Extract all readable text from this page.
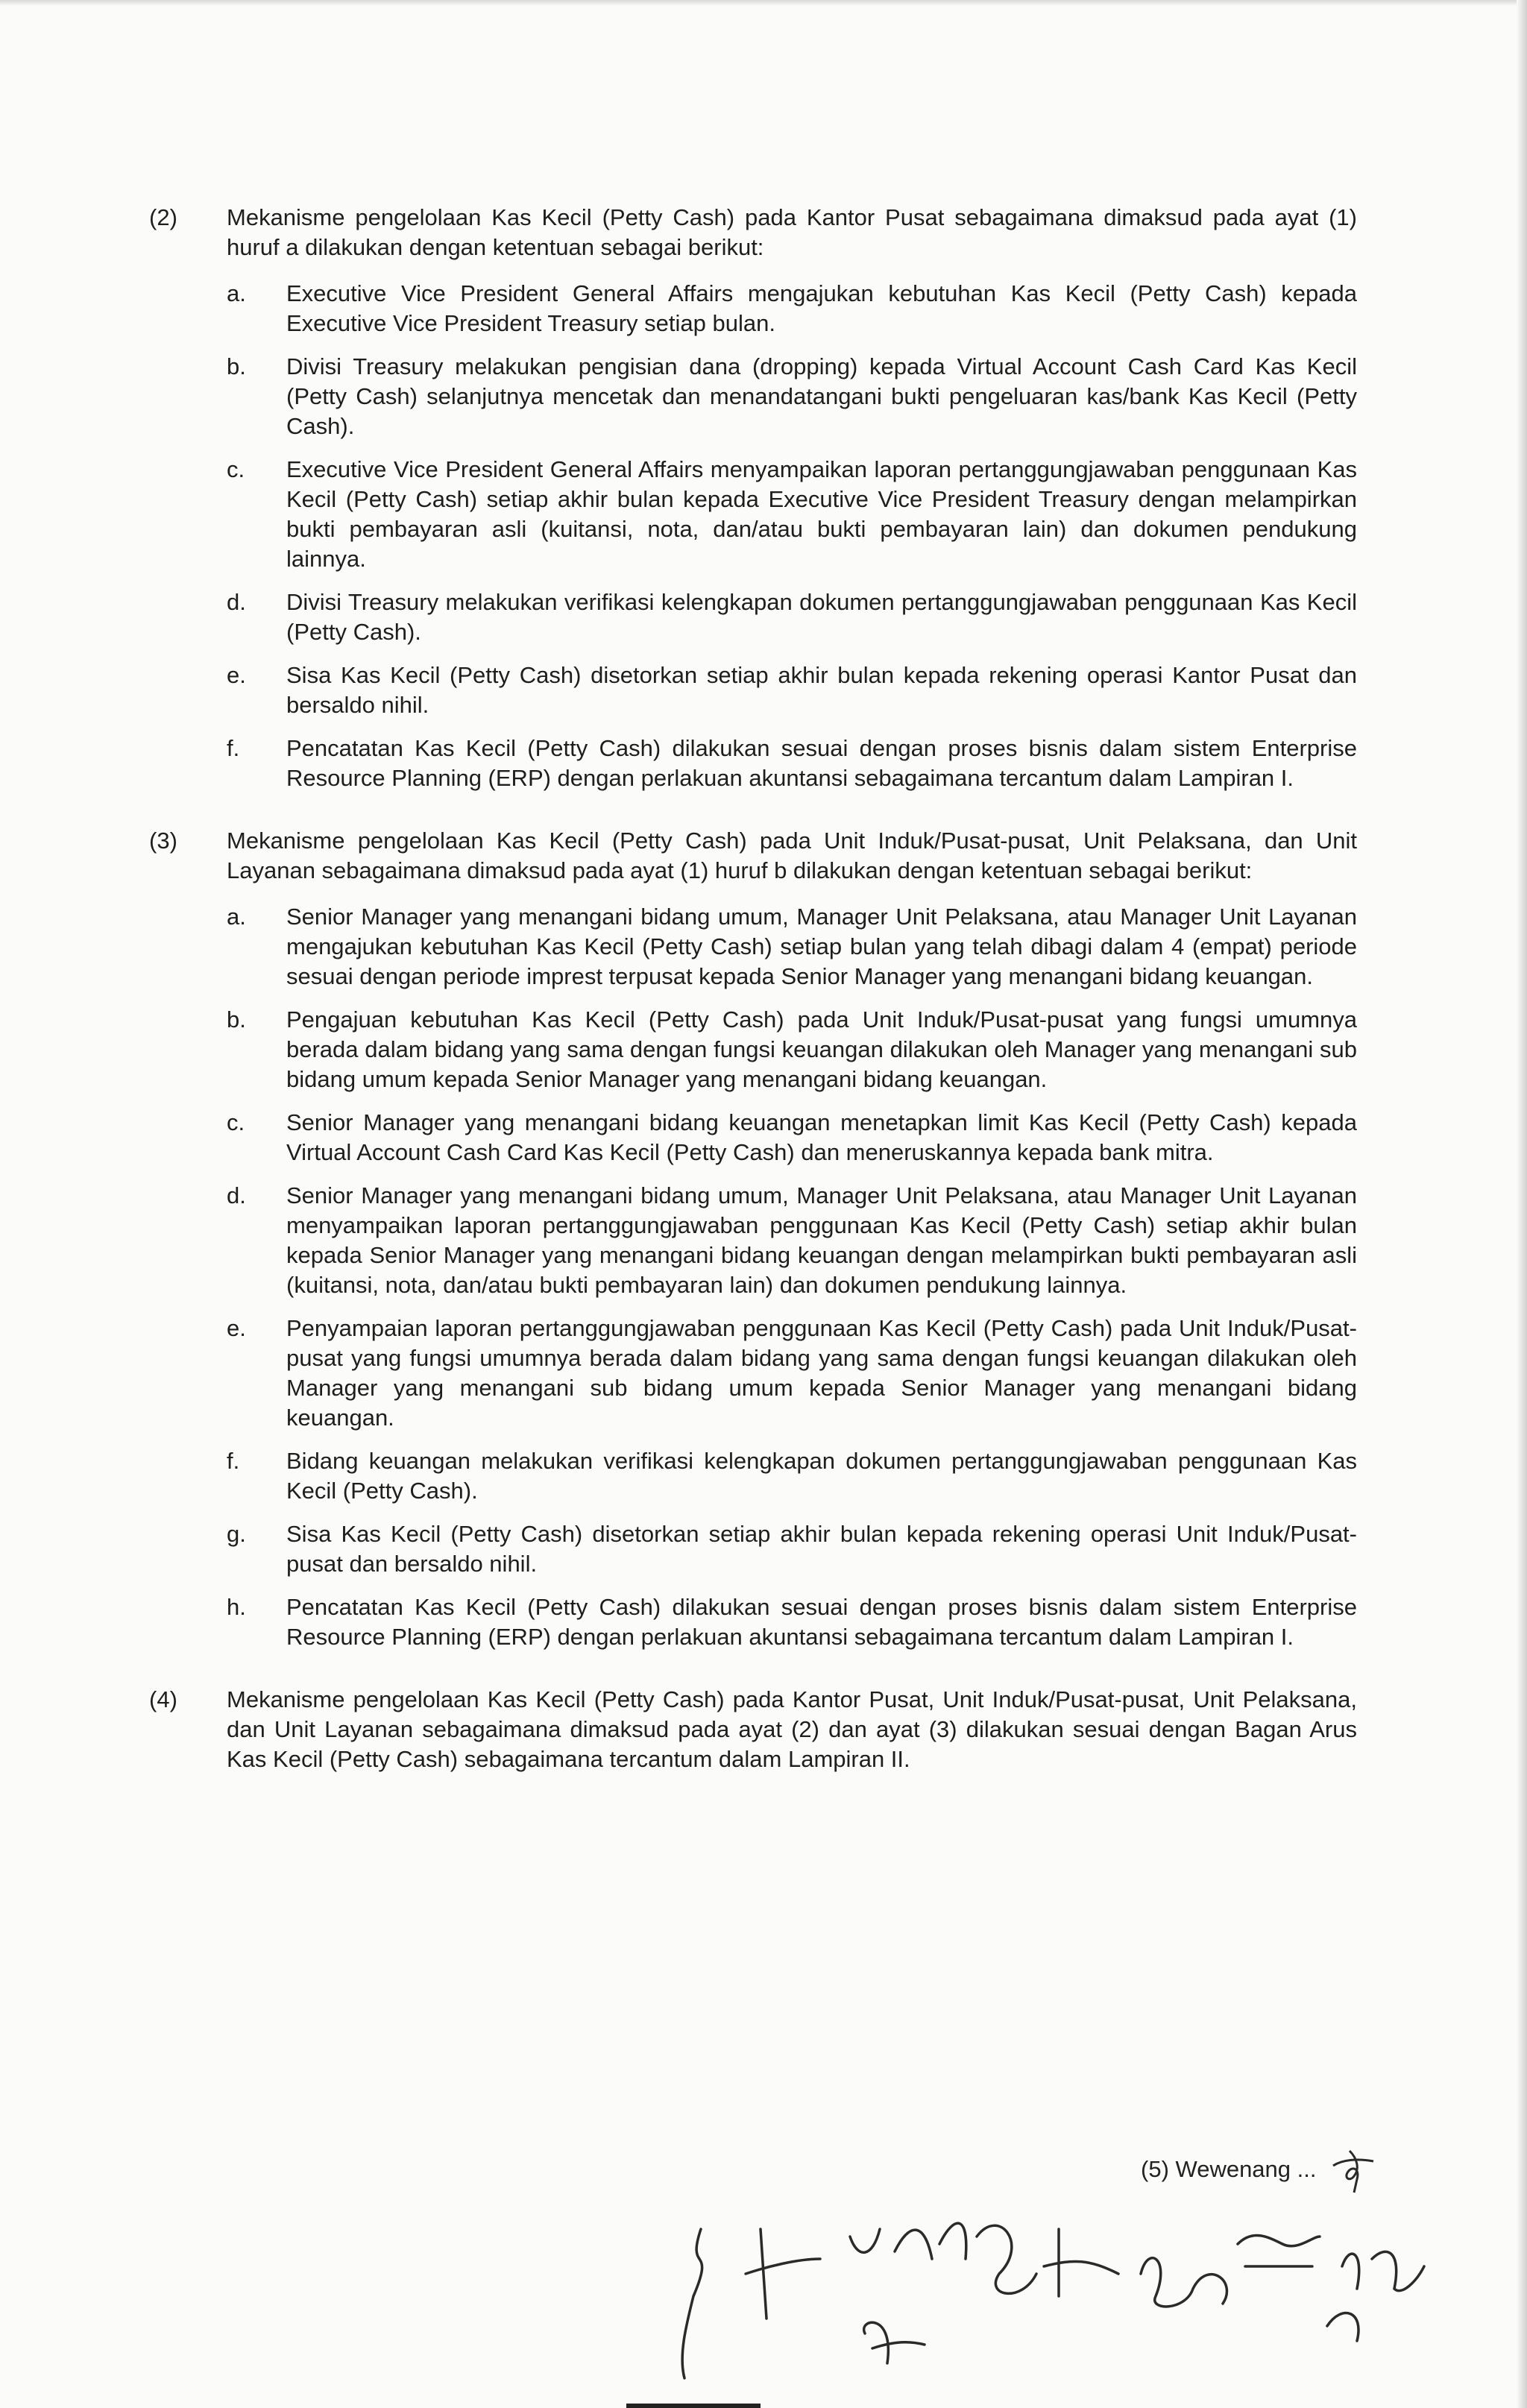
(2)	Mekanisme pengelolaan Kas Kecil (Petty Cash) pada Kantor Pusat sebagaimana dimaksud pada ayat (1) huruf a dilakukan dengan ketentuan sebagai berikut:
a.	Executive Vice President General Affairs mengajukan kebutuhan Kas Kecil (Petty Cash) kepada Executive Vice President Treasury setiap bulan.
b.	Divisi Treasury melakukan pengisian dana (dropping) kepada Virtual Account Cash Card Kas Kecil (Petty Cash) selanjutnya mencetak dan menandatangani bukti pengeluaran kas/bank Kas Kecil (Petty Cash).
c.	Executive Vice President General Affairs menyampaikan laporan pertanggungjawaban penggunaan Kas Kecil (Petty Cash) setiap akhir bulan kepada Executive Vice President Treasury dengan melampirkan bukti pembayaran asli (kuitansi, nota, dan/atau bukti pembayaran lain) dan dokumen pendukung lainnya.
d.	Divisi Treasury melakukan verifikasi kelengkapan dokumen pertanggungjawaban penggunaan Kas Kecil (Petty Cash).
e.	Sisa Kas Kecil (Petty Cash) disetorkan setiap akhir bulan kepada rekening operasi Kantor Pusat dan bersaldo nihil.
f.	Pencatatan Kas Kecil (Petty Cash) dilakukan sesuai dengan proses bisnis dalam sistem Enterprise Resource Planning (ERP) dengan perlakuan akuntansi sebagaimana tercantum dalam Lampiran I.
(3)	Mekanisme pengelolaan Kas Kecil (Petty Cash) pada Unit Induk/Pusat-pusat, Unit Pelaksana, dan Unit Layanan sebagaimana dimaksud pada ayat (1) huruf b dilakukan dengan ketentuan sebagai berikut:
a.	Senior Manager yang menangani bidang umum, Manager Unit Pelaksana, atau Manager Unit Layanan mengajukan kebutuhan Kas Kecil (Petty Cash) setiap bulan yang telah dibagi dalam 4 (empat) periode sesuai dengan periode imprest terpusat kepada Senior Manager yang menangani bidang keuangan.
b.	Pengajuan kebutuhan Kas Kecil (Petty Cash) pada Unit Induk/Pusat-pusat yang fungsi umumnya berada dalam bidang yang sama dengan fungsi keuangan dilakukan oleh Manager yang menangani sub bidang umum kepada Senior Manager yang menangani bidang keuangan.
c.	Senior Manager yang menangani bidang keuangan menetapkan limit Kas Kecil (Petty Cash) kepada Virtual Account Cash Card Kas Kecil (Petty Cash) dan meneruskannya kepada bank mitra.
d.	Senior Manager yang menangani bidang umum, Manager Unit Pelaksana, atau Manager Unit Layanan menyampaikan laporan pertanggungjawaban penggunaan Kas Kecil (Petty Cash) setiap akhir bulan kepada Senior Manager yang menangani bidang keuangan dengan melampirkan bukti pembayaran asli (kuitansi, nota, dan/atau bukti pembayaran lain) dan dokumen pendukung lainnya.
e.	Penyampaian laporan pertanggungjawaban penggunaan Kas Kecil (Petty Cash) pada Unit Induk/Pusat-pusat yang fungsi umumnya berada dalam bidang yang sama dengan fungsi keuangan dilakukan oleh Manager yang menangani sub bidang umum kepada Senior Manager yang menangani bidang keuangan.
f.	Bidang keuangan melakukan verifikasi kelengkapan dokumen pertanggungjawaban penggunaan Kas Kecil (Petty Cash).
g.	Sisa Kas Kecil (Petty Cash) disetorkan setiap akhir bulan kepada rekening operasi Unit Induk/Pusat-pusat dan bersaldo nihil.
h.	Pencatatan Kas Kecil (Petty Cash) dilakukan sesuai dengan proses bisnis dalam sistem Enterprise Resource Planning (ERP) dengan perlakuan akuntansi sebagaimana tercantum dalam Lampiran I.
(4)	Mekanisme pengelolaan Kas Kecil (Petty Cash) pada Kantor Pusat, Unit Induk/Pusat-pusat, Unit Pelaksana, dan Unit Layanan sebagaimana dimaksud pada ayat (2) dan ayat (3) dilakukan sesuai dengan Bagan Arus Kas Kecil (Petty Cash) sebagaimana tercantum dalam Lampiran II.
(5) Wewenang ...
